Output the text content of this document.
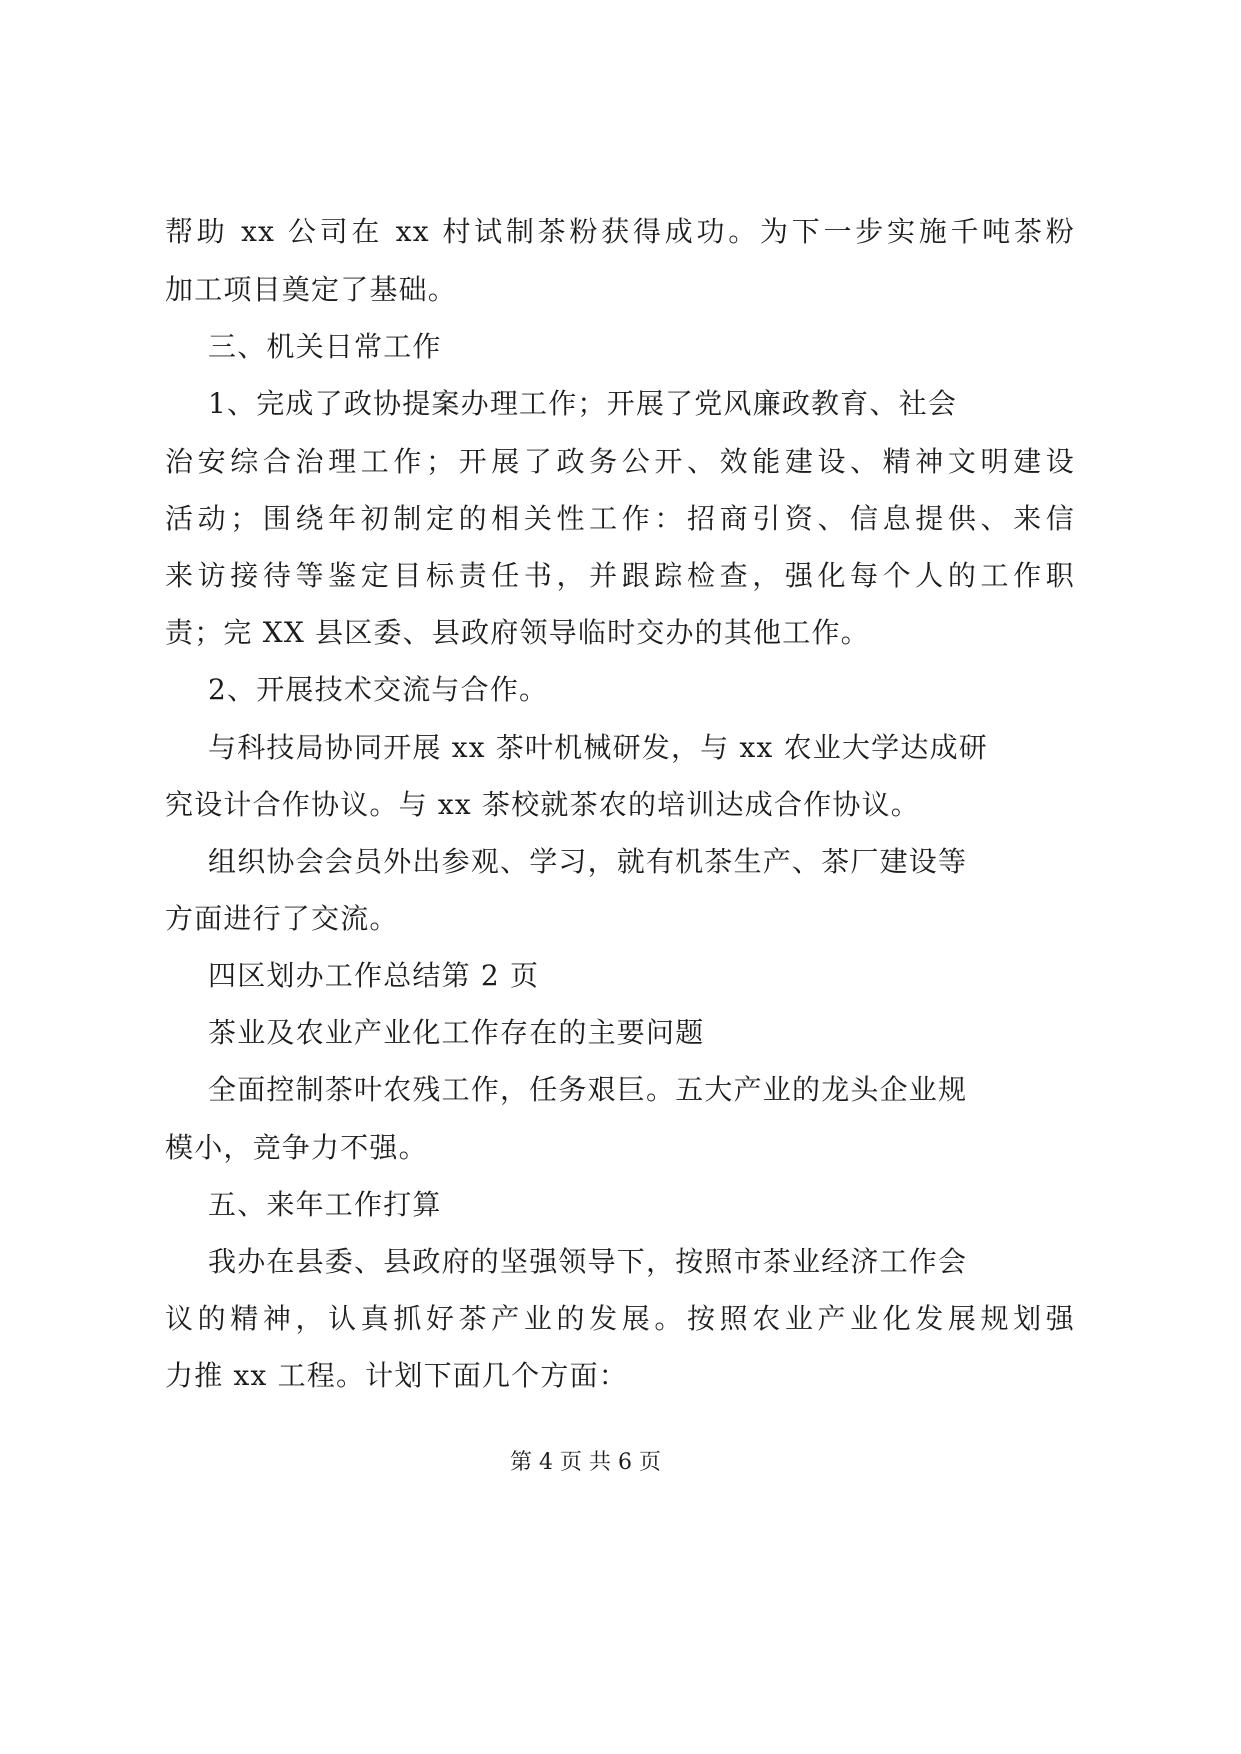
帮助 xx 公司在 xx 村试制茶粉获得成功。为下一步实施千吨茶粉
加工项目奠定了基础。
三、机关日常工作
1、完成了政协提案办理工作；开展了党风廉政教育、社会
治安综合治理工作；开展了政务公开、效能建设、精神文明建设
活动；围绕年初制定的相关性工作：招商引资、信息提供、来信
来访接待等鉴定目标责任书，并跟踪检查，强化每个人的工作职
责；完 XX 县区委、县政府领导临时交办的其他工作。
2、开展技术交流与合作。
与科技局协同开展 xx 茶叶机械研发，与 xx 农业大学达成研
究设计合作协议。与 xx 茶校就茶农的培训达成合作协议。
组织协会会员外出参观、学习，就有机茶生产、茶厂建设等
方面进行了交流。
四区划办工作总结第 2 页
茶业及农业产业化工作存在的主要问题
全面控制茶叶农残工作，任务艰巨。五大产业的龙头企业规
模小，竞争力不强。
五、来年工作打算
我办在县委、县政府的坚强领导下，按照市茶业经济工作会
议的精神，认真抓好茶产业的发展。按照农业产业化发展规划强
力推 xx 工程。计划下面几个方面：
第 4 页 共 6 页
